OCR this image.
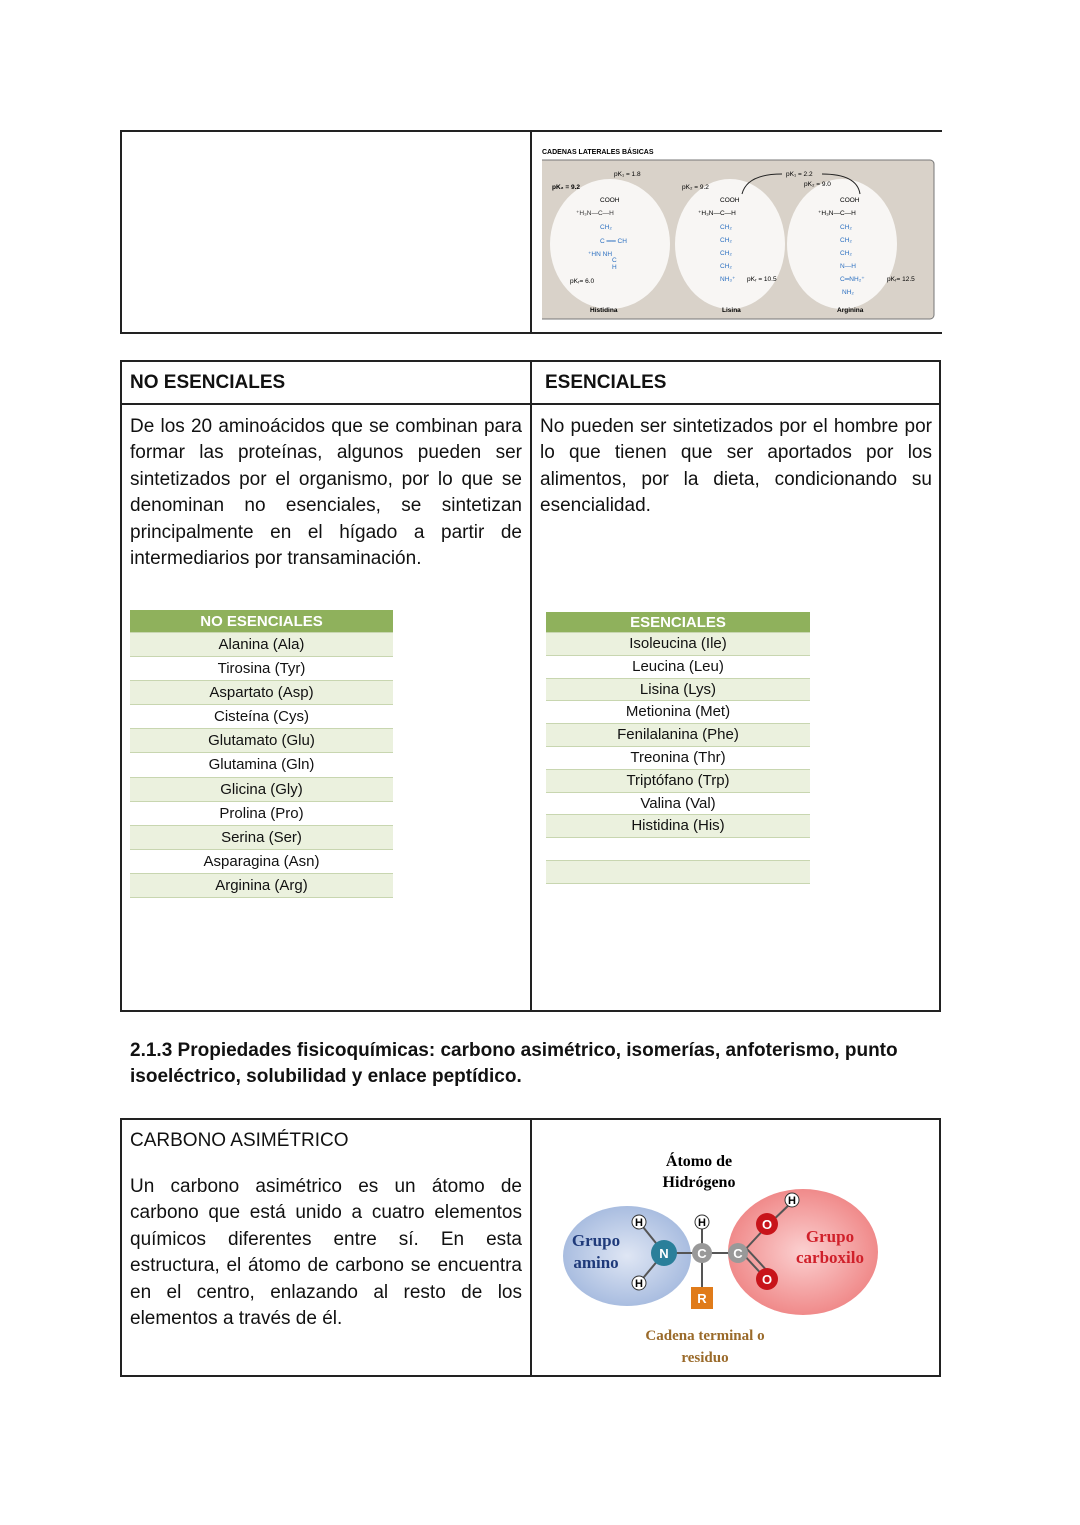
CADENAS LATERALES BÁSICAS
pK₁ = 1.8
pK₂ = 9.2
COOH
⁺H₃N—C—H
CH₂
C ══ CH
⁺HN NH
C
H
pKᵣ= 6.0
Histidina
pK₁ = 2.2
pK₂ = 9.2
COOH
⁺H₃N—C—H
CH₂
CH₂
CH₂
CH₂
NH₃⁺ pKᵣ = 10.5
Lisina
pK₂ = 9.0
COOH
⁺H₃N—C—H
CH₂
CH₂
CH₂
N—H
C═NH₂⁺
NH₂
pKᵣ= 12.5
Arginina
NO ESENCIALES	ESENCIALES
De los 20 aminoácidos que se combinan para formar las proteínas, algunos pueden ser sintetizados por el organismo, por lo que se denominan no esenciales, se sintetizan principalmente en el hígado a partir de intermediarios por transaminación.
No pueden ser sintetizados por el hombre por lo que tienen que ser aportados por los alimentos, por la dieta, condicionando su esencialidad.
NO ESENCIALES
Alanina (Ala)
Tirosina (Tyr)
Aspartato (Asp)
Cisteína (Cys)
Glutamato (Glu)
Glutamina (Gln)
Glicina (Gly)
Prolina (Pro)
Serina (Ser)
Asparagina (Asn)
Arginina (Arg)
ESENCIALES
Isoleucina (Ile)
Leucina (Leu)
Lisina (Lys)
Metionina (Met)
Fenilalanina (Phe)
Treonina (Thr)
Triptófano (Trp)
Valina (Val)
Histidina (His)
2.1.3 Propiedades fisicoquímicas: carbono asimétrico, isomerías, anfoterismo, punto isoeléctrico, solubilidad y enlace peptídico.
CARBONO ASIMÉTRICO
Un carbono asimétrico es un átomo de carbono que está unido a cuatro elementos químicos diferentes entre sí. En esta estructura, el átomo de carbono se encuentra en el centro, enlazando al resto de los elementos a través de él.
Átomo de
Hidrógeno
Grupo
amino
Grupo
carboxilo
H
H
H
H
N C C
O
O
R
Cadena terminal o
residuo
